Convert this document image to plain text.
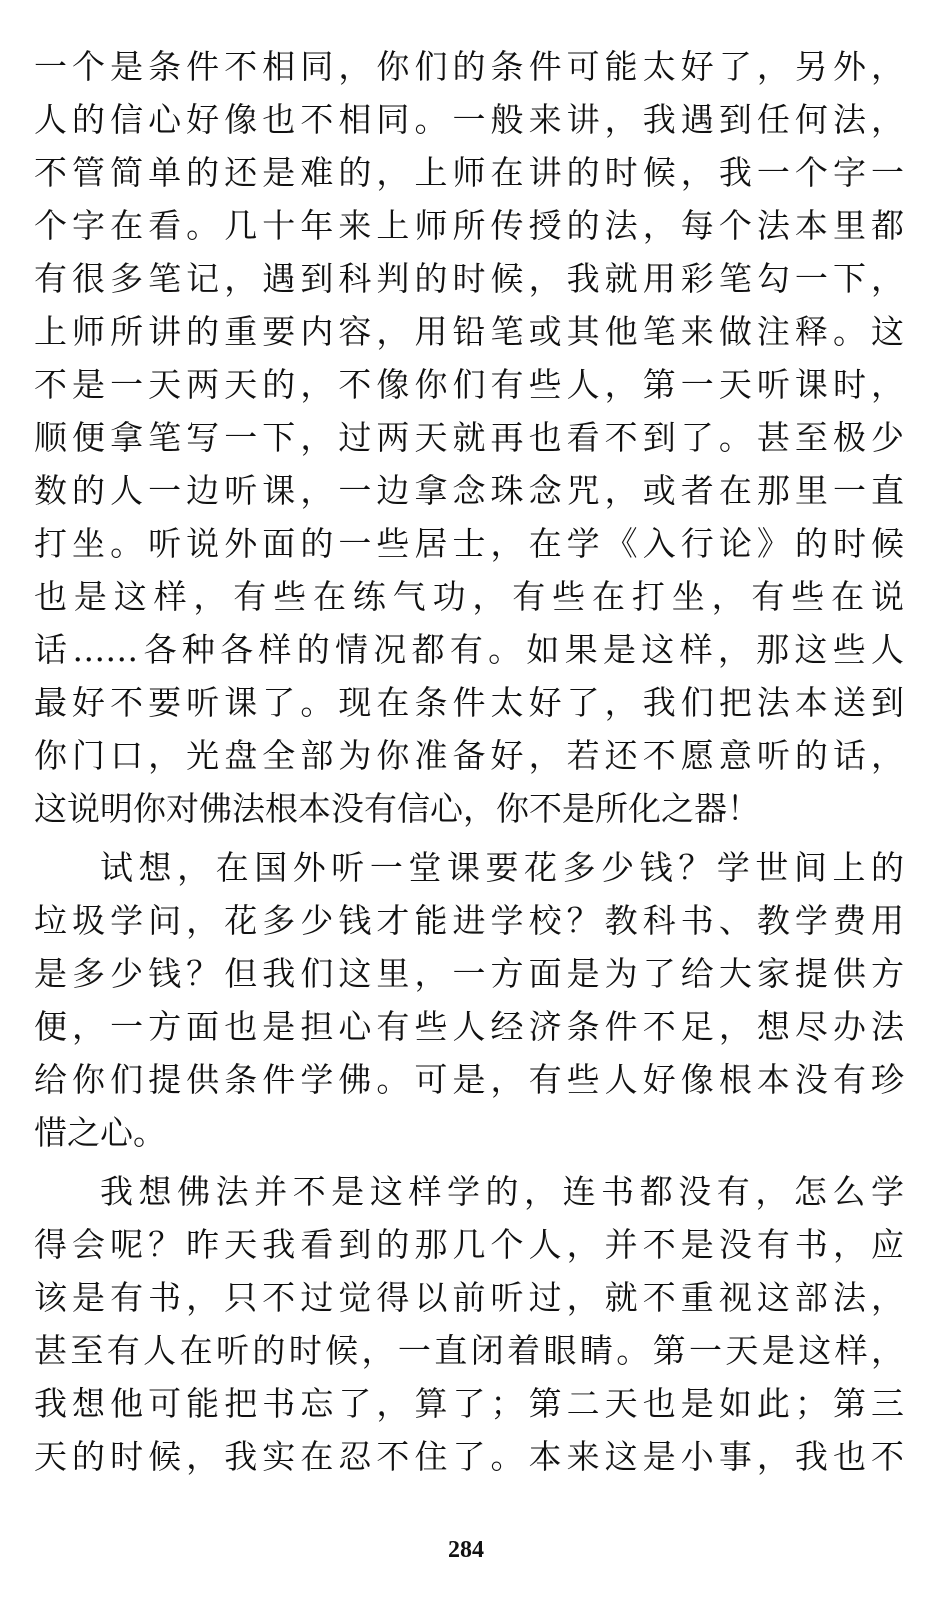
一个是条件不相同，你们的条件可能太好了，另外，
人的信心好像也不相同。一般来讲，我遇到任何法，
不管简单的还是难的，上师在讲的时候，我一个字一
个字在看。几十年来上师所传授的法，每个法本里都
有很多笔记，遇到科判的时候，我就用彩笔勾一下，
上师所讲的重要内容，用铅笔或其他笔来做注释。这
不是一天两天的，不像你们有些人，第一天听课时，
顺便拿笔写一下，过两天就再也看不到了。甚至极少
数的人一边听课，一边拿念珠念咒，或者在那里一直
打坐。听说外面的一些居士，在学《入行论》的时候
也是这样，有些在练气功，有些在打坐，有些在说
话……各种各样的情况都有。如果是这样，那这些人
最好不要听课了。现在条件太好了，我们把法本送到
你门口，光盘全部为你准备好，若还不愿意听的话，
这说明你对佛法根本没有信心，你不是所化之器！
试想，在国外听一堂课要花多少钱？学世间上的
垃圾学问，花多少钱才能进学校？教科书、教学费用
是多少钱？但我们这里，一方面是为了给大家提供方
便，一方面也是担心有些人经济条件不足，想尽办法
给你们提供条件学佛。可是，有些人好像根本没有珍
惜之心。
我想佛法并不是这样学的，连书都没有，怎么学
得会呢？昨天我看到的那几个人，并不是没有书，应
该是有书，只不过觉得以前听过，就不重视这部法，
甚至有人在听的时候，一直闭着眼睛。第一天是这样，
我想他可能把书忘了，算了；第二天也是如此；第三
天的时候，我实在忍不住了。本来这是小事，我也不
284
